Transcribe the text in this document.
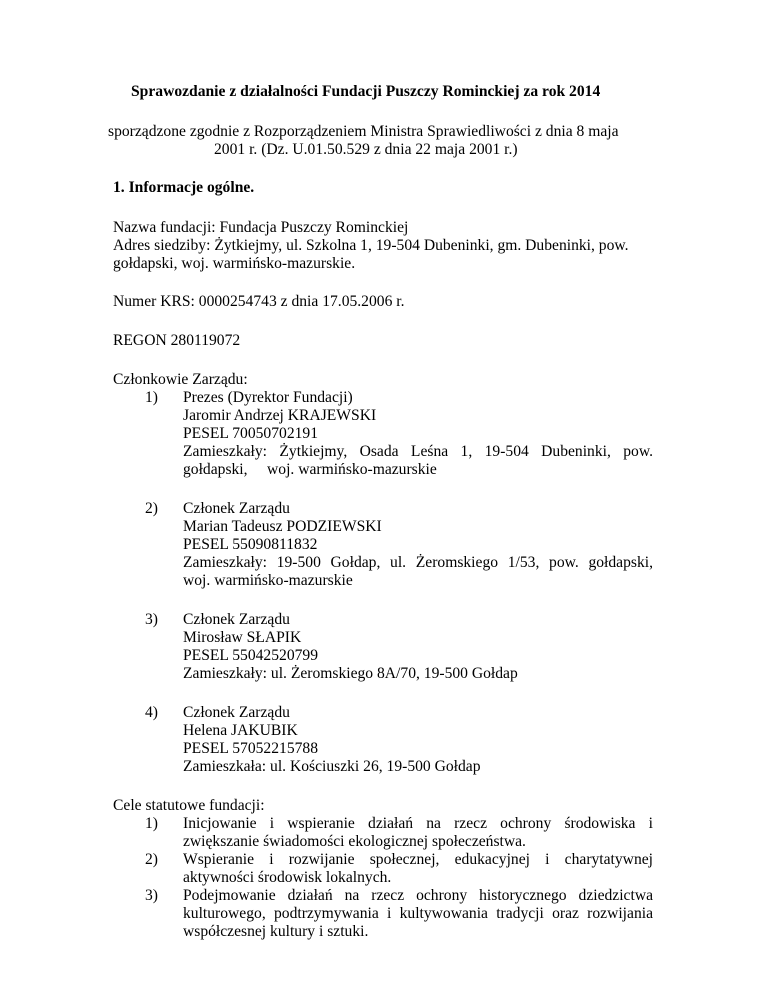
Sprawozdanie z działalności Fundacji Puszczy Rominckiej za rok 2014
sporządzone zgodnie z Rozporządzeniem Ministra Sprawiedliwości z dnia 8 maja
2001 r. (Dz. U.01.50.529 z dnia 22 maja 2001 r.)
1. Informacje ogólne.
Nazwa fundacji: Fundacja Puszczy Rominckiej
Adres siedziby: Żytkiejmy, ul. Szkolna 1, 19-504 Dubeninki, gm. Dubeninki, pow.
gołdapski, woj. warmińsko-mazurskie.
Numer KRS: 0000254743 z dnia 17.05.2006 r.
REGON 280119072
Członkowie Zarządu:
1) Prezes (Dyrektor Fundacji)
Jaromir Andrzej KRAJEWSKI
PESEL 70050702191
Zamieszkały: Żytkiejmy, Osada Leśna 1, 19-504 Dubeninki, pow.
gołdapski,     woj. warmińsko-mazurskie
2) Członek Zarządu
Marian Tadeusz PODZIEWSKI
PESEL 55090811832
Zamieszkały: 19-500 Gołdap, ul. Żeromskiego 1/53, pow. gołdapski,
woj. warmińsko-mazurskie
3) Członek Zarządu
Mirosław SŁAPIK
PESEL 55042520799
Zamieszkały: ul. Żeromskiego 8A/70, 19-500 Gołdap
4) Członek Zarządu
Helena JAKUBIK
PESEL 57052215788
Zamieszkała: ul. Kościuszki 26, 19-500 Gołdap
Cele statutowe fundacji:
1) Inicjowanie i wspieranie działań na rzecz ochrony środowiska i
zwiększanie świadomości ekologicznej społeczeństwa.
2) Wspieranie i rozwijanie społecznej, edukacyjnej i charytatywnej
aktywności środowisk lokalnych.
3) Podejmowanie działań na rzecz ochrony historycznego dziedzictwa
kulturowego, podtrzymywania i kultywowania tradycji oraz rozwijania
współczesnej kultury i sztuki.
